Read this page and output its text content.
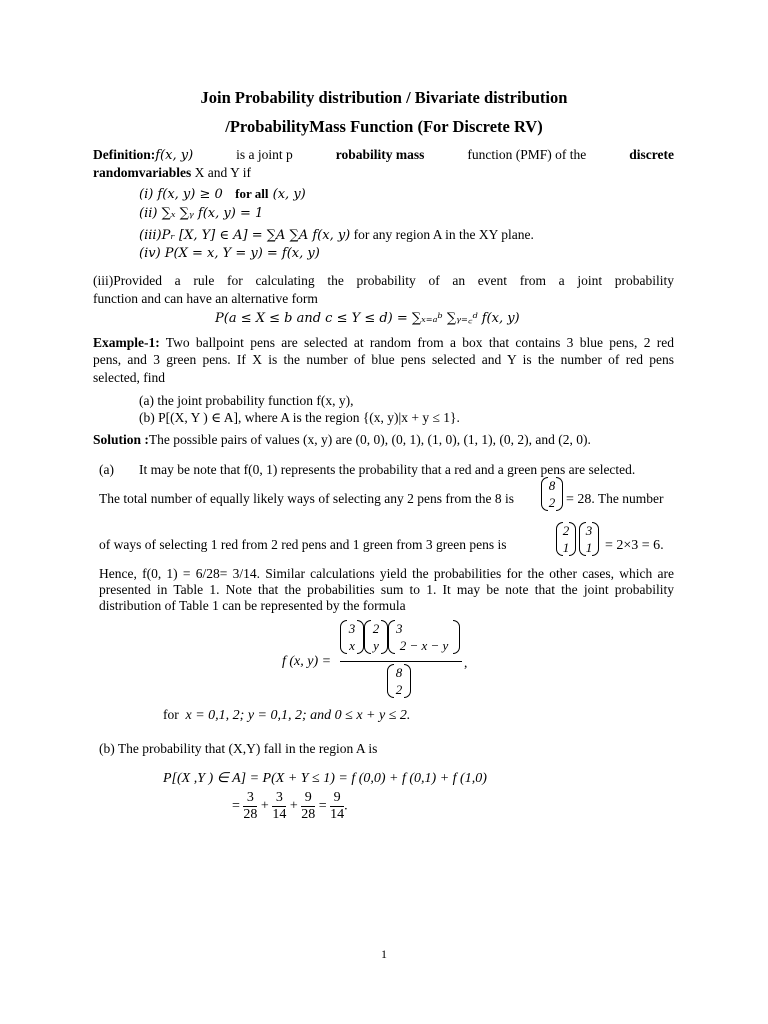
Join Probability distribution / Bivariate distribution
/ProbabilityMass Function (For Discrete RV)
Definition:f(x, y)	is a joint p	robability mass	function (PMF) of the	discrete
randomvariables X and Y if
(i) f(x, y) ≥ 0 for all (x, y)
(ii) ∑ₓ ∑ᵧ f(x, y) = 1
(iii)Pᵣ [X, Y] ∈ A] = ∑A ∑A f(x, y) for any region A in the XY plane.
(iv) P(X = x, Y = y) = f(x, y)
(iii)Provided a rule for calculating the probability of an event from a joint probability
function and can have an alternative form
P(a ≤ X ≤ b and c ≤ Y ≤ d) = ∑ₓ₌ₐᵇ ∑ᵧ₌꜀ᵈ f(x, y)
Example-1: Two ballpoint pens are selected at random from a box that contains 3 blue pens, 2 red
pens, and 3 green pens. If X is the number of blue pens selected and Y is the number of red pens
selected, find
(a) the joint probability function f(x, y),
(b) P[(X, Y ) ∈ A], where A is the region {(x, y)|x + y ≤ 1}.
Solution :The possible pairs of values (x, y) are (0, 0), (0, 1), (1, 0), (1, 1), (0, 2), and (2, 0).
(a) It may be note that f(0, 1) represents the probability that a red and a green pens are selected.
The total number of equally likely ways of selecting any 2 pens from the 8 is
8
2 = 28. The number
of ways of selecting 1 red from 2 red pens and 1 green from 3 green pens is
2
1
3
1 = 2×3 = 6.
Hence, f(0, 1) = 6/28= 3/14. Similar calculations yield the probabilities for the other cases, which are
presented in Table 1. Note that the probabilities sum to 1. It may be note that the joint probability
distribution of Table 1 can be represented by the formula
f (x, y) =
3
x
2
y
3
2 − x − y
8
2
,
for x = 0,1, 2; y = 0,1, 2; and 0 ≤ x + y ≤ 2.
(b) The probability that (X,Y) fall in the region A is
P[(X ,Y ) ∈ A] = P(X + Y ≤ 1) = f (0,0) + f (0,1) + f (1,0)
= $\frac{3}{28} + \frac{3}{14} + \frac{9}{28} = \frac{9}{14}$ .
1
